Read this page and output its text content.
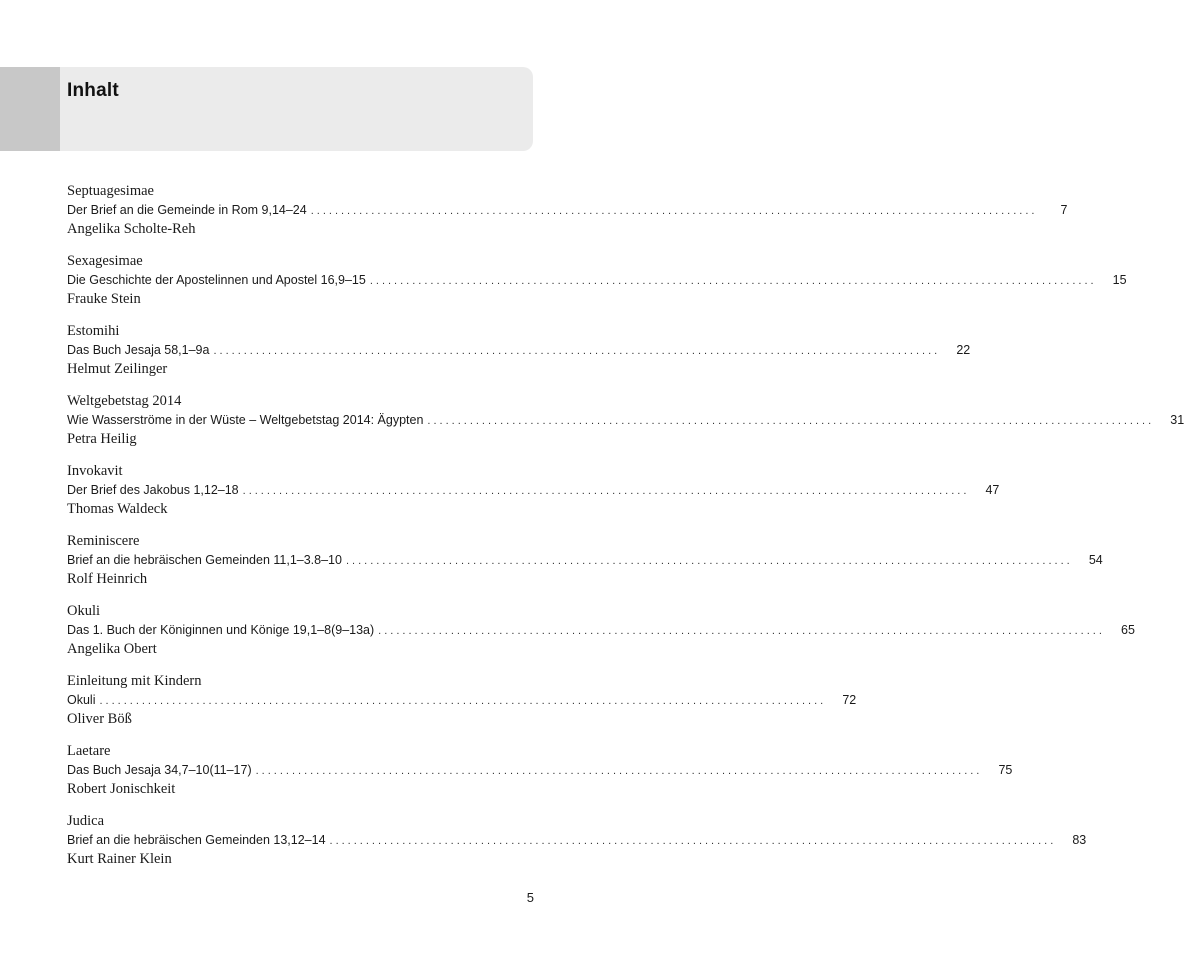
Inhalt
Septuagesimae
Der Brief an die Gemeinde in Rom 9,14–24 ........................................................................................................................	7
Angelika Scholte-Reh
Sexagesimae
Die Geschichte der Apostelinnen und Apostel 16,9–15 ........................................................................................................................	15
Frauke Stein
Estomihi
Das Buch Jesaja 58,1–9a ........................................................................................................................	22
Helmut Zeilinger
Weltgebetstag 2014
Wie Wasserströme in der Wüste – Weltgebetstag 2014: Ägypten ........................................................................................................................	31
Petra Heilig
Invokavit
Der Brief des Jakobus 1,12–18 ........................................................................................................................	47
Thomas Waldeck
Reminiscere
Brief an die hebräischen Gemeinden 11,1–3.8–10 ........................................................................................................................	54
Rolf Heinrich
Okuli
Das 1. Buch der Königinnen und Könige 19,1–8(9–13a) ........................................................................................................................	65
Angelika Obert
Einleitung mit Kindern
Okuli ........................................................................................................................	72
Oliver Böß
Laetare
Das Buch Jesaja 34,7–10(11–17) ........................................................................................................................	75
Robert Jonischkeit
Judica
Brief an die hebräischen Gemeinden 13,12–14 ........................................................................................................................	83
Kurt Rainer Klein
5
